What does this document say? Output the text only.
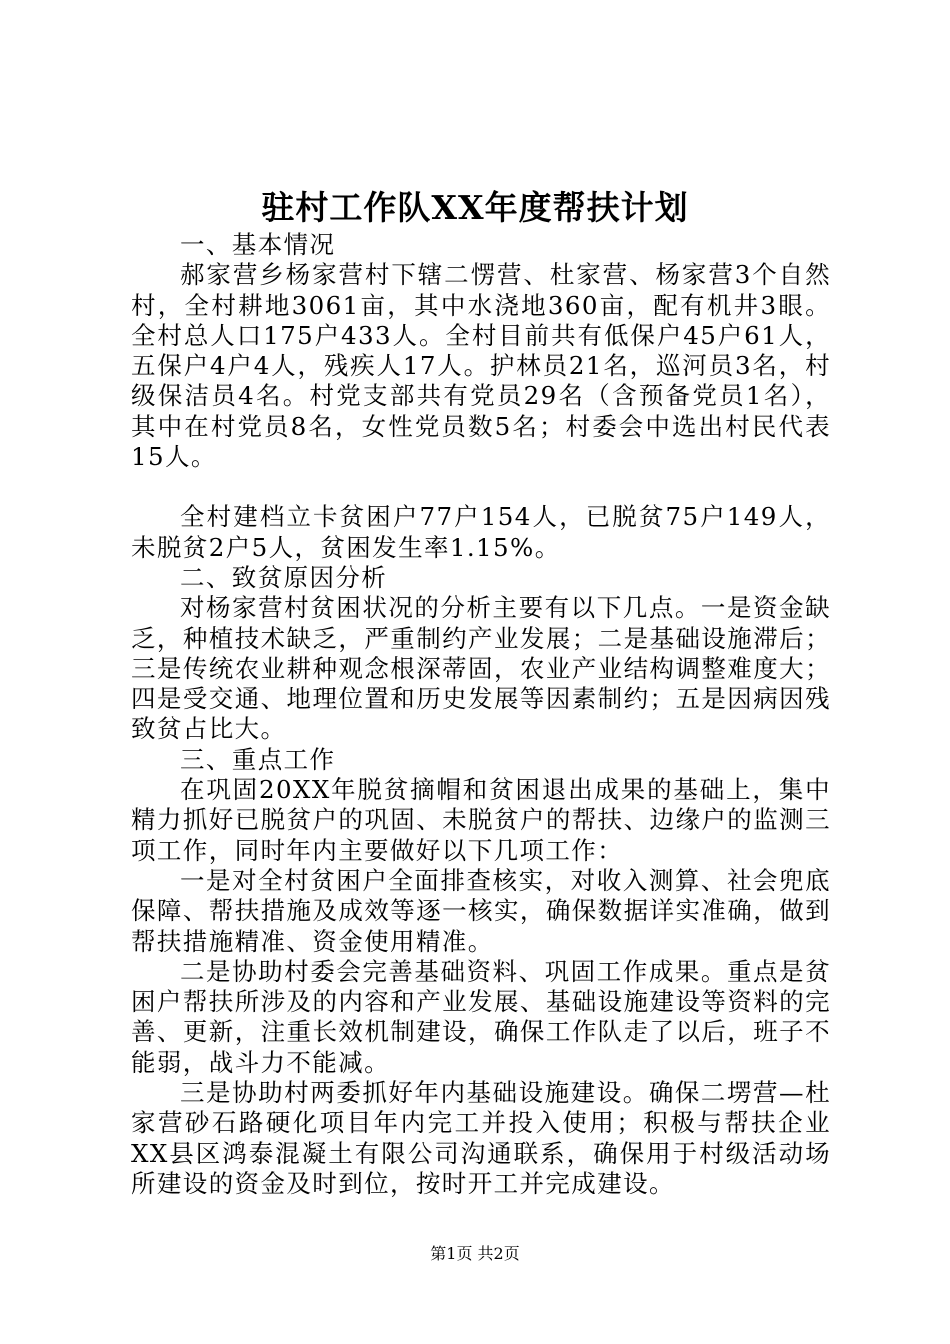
驻村工作队XX年度帮扶计划

一、基本情况

郝家营乡杨家营村下辖二愣营、杜家营、杨家营3个自然村，全村耕地3061亩，其中水浇地360亩，配有机井3眼。全村总人口175户433人。全村目前共有低保户45户61人，五保户4户4人，残疾人17人。护林员21名，巡河员3名，村级保洁员4名。村党支部共有党员29名（含预备党员1名），其中在村党员8名，女性党员数5名；村委会中选出村民代表15人。

全村建档立卡贫困户77户154人，已脱贫75户149人，未脱贫2户5人，贫困发生率1.15%。

二、致贫原因分析

对杨家营村贫困状况的分析主要有以下几点。一是资金缺乏，种植技术缺乏，严重制约产业发展；二是基础设施滞后；三是传统农业耕种观念根深蒂固，农业产业结构调整难度大；四是受交通、地理位置和历史发展等因素制约；五是因病因残致贫占比大。

三、重点工作

在巩固20XX年脱贫摘帽和贫困退出成果的基础上，集中精力抓好已脱贫户的巩固、未脱贫户的帮扶、边缘户的监测三项工作，同时年内主要做好以下几项工作：

一是对全村贫困户全面排查核实，对收入测算、社会兜底保障、帮扶措施及成效等逐一核实，确保数据详实准确，做到帮扶措施精准、资金使用精准。

二是协助村委会完善基础资料、巩固工作成果。重点是贫困户帮扶所涉及的内容和产业发展、基础设施建设等资料的完善、更新，注重长效机制建设，确保工作队走了以后，班子不能弱，战斗力不能减。

三是协助村两委抓好年内基础设施建设。确保二塄营—杜家营砂石路硬化项目年内完工并投入使用；积极与帮扶企业XX县区鸿泰混凝土有限公司沟通联系，确保用于村级活动场所建设的资金及时到位，按时开工并完成建设。

第1页 共2页
